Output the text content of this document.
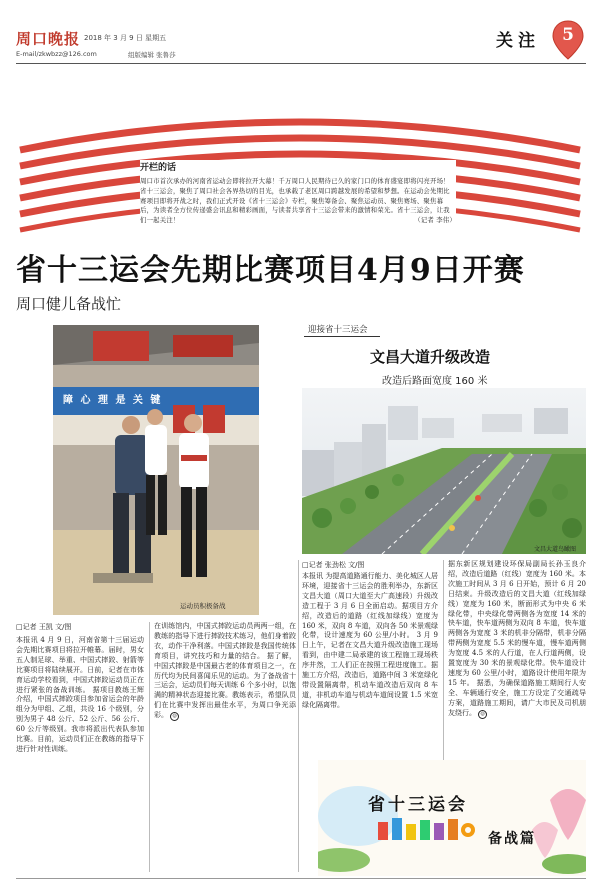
周口晚报 2018 年 3 月 9 日 星期五
E-mail/zkwbzz@126.com	组版编辑 张鲁莎
关注	5
开栏的话
周口市首次承办的河南省运动会即将拉开大幕！千万周口人民期待已久的家门口的体育盛宴即将闪亮开场！省十三运会，聚焦了周口社会各界热切的目光，也承载了老区周口跨越发展的希望和梦想。在运动会先期比赛项目即将开战之时，我们正式开设《省十三运会》专栏，聚焦筹备会、聚焦运动员、聚焦赛场、聚焦幕后，为读者全方位传递盛会讯息和精彩画面，与读者共享省十三运会带来的激情和荣光。省十三运会，让我们一起关注！	（记者 李伟）
省十三运会先期比赛项目4月9日开赛
周口健儿备战忙
障 心 理 是 关 键
运动员积极备战
迎接省十三运会
文昌大道升级改造
改造后路面宽度 160 米
文昌大道鸟瞰图
□记者 张劲松 文/图
本报讯 为提高道路通行能力、美化城区人居环境，迎接省十三运会的胜利举办，东新区文昌大道（周口大道至大广高速段）升级改造工程于 3 月 6 日全面启动。据项目方介绍，改造后的道路（红线加绿线）宽度为 160 米，双向 8 车道，双向各 50 米景观绿化带，设计速度为 60 公里/小时。 3 月 9 日上午，记者在文昌大道升级改造施工现场看到，由中建二局承建的该工程施工现场秩序井然，工人们正在按照工程进度施工。据施工方介绍，改造后，道路中间 3 米宽绿化带设置隔离带，机动车道改造后双向 8 车道，非机动车道与机动车道间设置 1.5 米宽绿化隔离带。
据东新区规划建设环保局副局长孙玉良介绍，改造后道路（红线）宽度为 160 米。本次施工时间从 3 月 6 日开始，预计 6 月 20 日结束。升级改造后的文昌大道（红线加绿线）宽度为 160 米，断面形式为中央 6 米绿化带，中央绿化带两侧各为宽度 14 米的快车道，快车道两侧为双向 8 车道，快车道两侧各为宽度 3 米的机非分隔带，机非分隔带两侧为宽度 5.5 米的慢车道，慢车道两侧为宽度 4.5 米的人行道，在人行道两侧，设置宽度为 30 米的景观绿化带。快车道设计速度为 60 公里/小时，道路设计使用年限为 15 年。 据悉，为确保道路施工期间行人安全、车辆通行安全，施工方设定了交通疏导方案，道路施工期间，请广大市民及司机朋友绕行。 ◎
□记者 王凯 文/图
本报讯 4 月 9 日，河南省第十三届运动会先期比赛项目将拉开帷幕。届时，男女五人制足球、举重、中国式摔跤、射箭等比赛项目将陆续展开。日前，记者在市体育运动学校看到，中国式摔跤运动员正在进行紧张的备战训练。 据项目教练王辉介绍，中国式摔跤项目参加省运会的年龄组分为甲组、乙组，共设 16 个级别，分别为男子 48 公斤、52 公斤、56 公斤、60 公斤等级别。我市将派出代表队参加比赛。目前，运动员们正在教练的指导下进行针对性训练。
在训练馆内，中国式摔跤运动员两两一组，在教练的指导下进行摔跤技术练习，他们身着跤衣，动作干净利落。中国式摔跤是我国传统体育项目，讲究技巧和力量的结合。 据了解，中国式摔跤是中国最古老的体育项目之一，在历代均为民间喜闻乐见的运动。为了备战省十三运会，运动员们每天训练 6 个多小时，以饱满的精神状态迎接比赛。教练表示，希望队员们在比赛中发挥出最佳水平，为周口争光添彩。 ◎
省十三运会
备战篇
